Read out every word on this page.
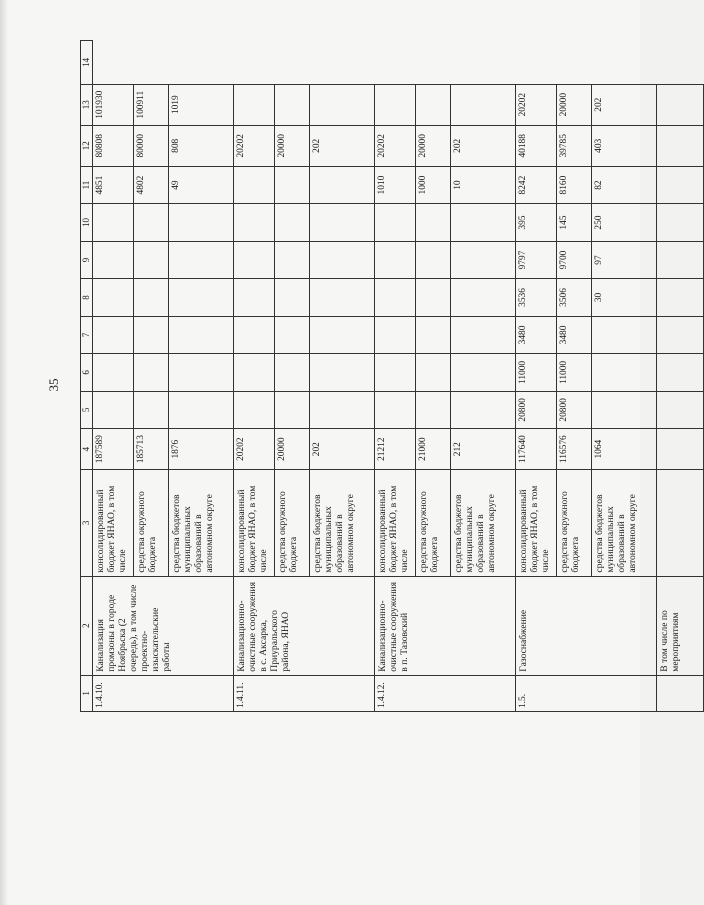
35
1	2	3	4	5	6	7	8	9	10	11	12	13	14
1.4.10.	Канализация промзоны в городе Ноябрьска (2 очередь), в том числе проектно-изыскательские работы	консолидированный бюджет ЯНАО, в том числе	187589							4851	80808	101930	
		средства окружного бюджета	185713							4802	80000	100911	
		средства бюджетов муниципальных образований в автономном округе	1876							49	808	1019	
1.4.11.	Канализационно-очистные сооружения в с. Аксарка, Приуральского района, ЯНАО	консолидированный бюджет ЯНАО, в том числе	20202								20202		
		средства окружного бюджета	20000								20000		
		средства бюджетов муниципальных образований в автономном округе	202								202		
1.4.12.	Канализационно-очистные сооружения в п. Тазовский	консолидированный бюджет ЯНАО, в том числе	21212							1010	20202		
		средства окружного бюджета	21000							1000	20000		
		средства бюджетов муниципальных образований в автономном округе	212							10	202		
1.5.	Газоснабжение	консолидированный бюджет ЯНАО, в том числе	117640	20800	11000	3480	3536	9797	395	8242	40188	20202	
		средства окружного бюджета	116576	20800	11000	3480	3506	9700	145	8160	39785	20000	
		средства бюджетов муниципальных образований в автономном округе	1064				30	97	250	82	403	202	
	В том числе по мероприятиям												
